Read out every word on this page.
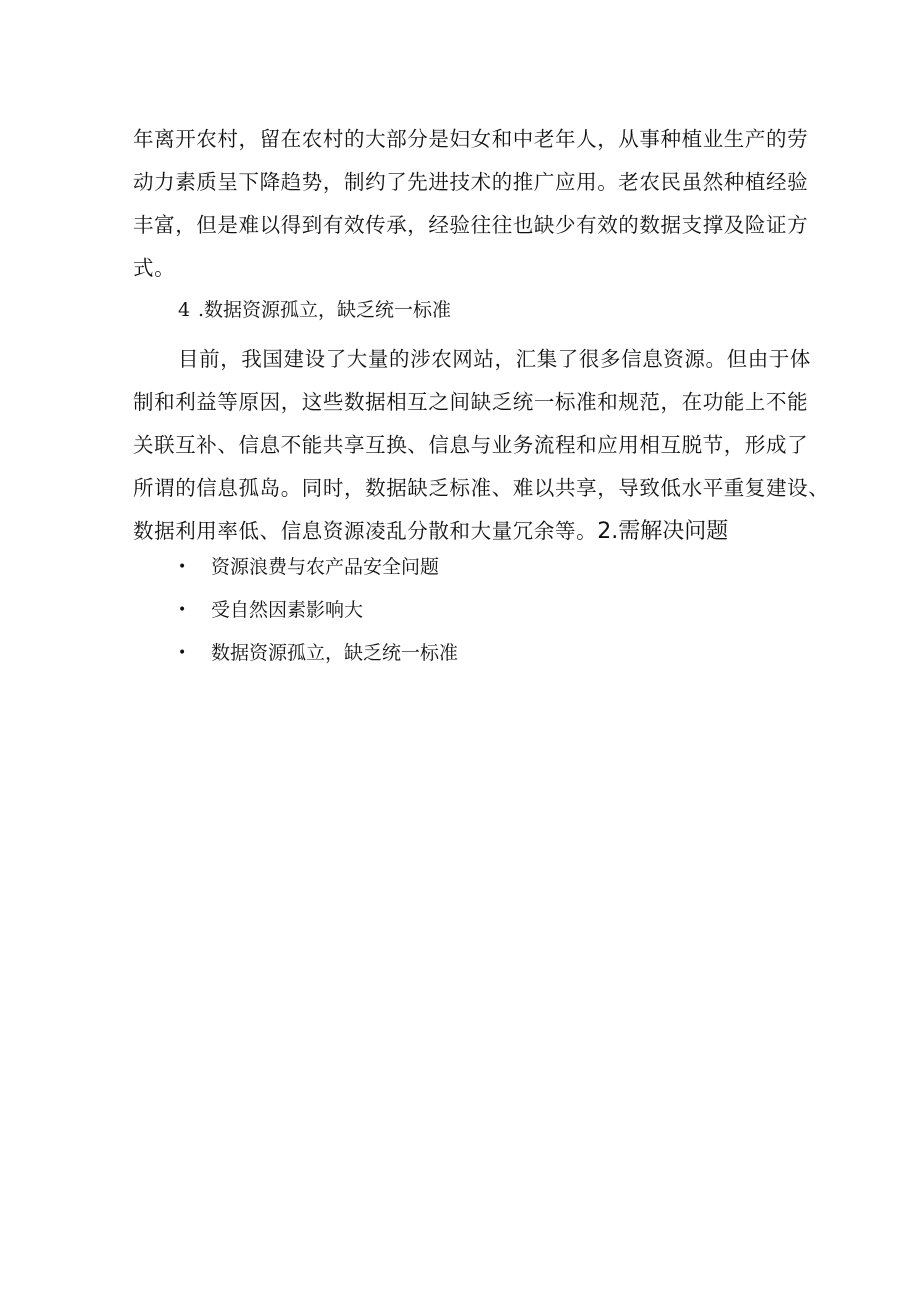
年离开农村，留在农村的大部分是妇女和中老年人，从事种植业生产的劳
动力素质呈下降趋势，制约了先进技术的推广应用。老农民虽然种植经验
丰富，但是难以得到有效传承，经验往往也缺少有效的数据支撑及险证方
式。
4 .数据资源孤立，缺乏统一标准
目前，我国建设了大量的涉农网站，汇集了很多信息资源。但由于体
制和利益等原因，这些数据相互之间缺乏统一标准和规范，在功能上不能
关联互补、信息不能共享互换、信息与业务流程和应用相互脱节，形成了
所谓的信息孤岛。同时，数据缺乏标准、难以共享，导致低水平重复建设、
数据利用率低、信息资源凌乱分散和大量冗余等。2.需解决问题
•	资源浪费与农产品安全问题
•	受自然因素影响大
•	数据资源孤立，缺乏统一标准
